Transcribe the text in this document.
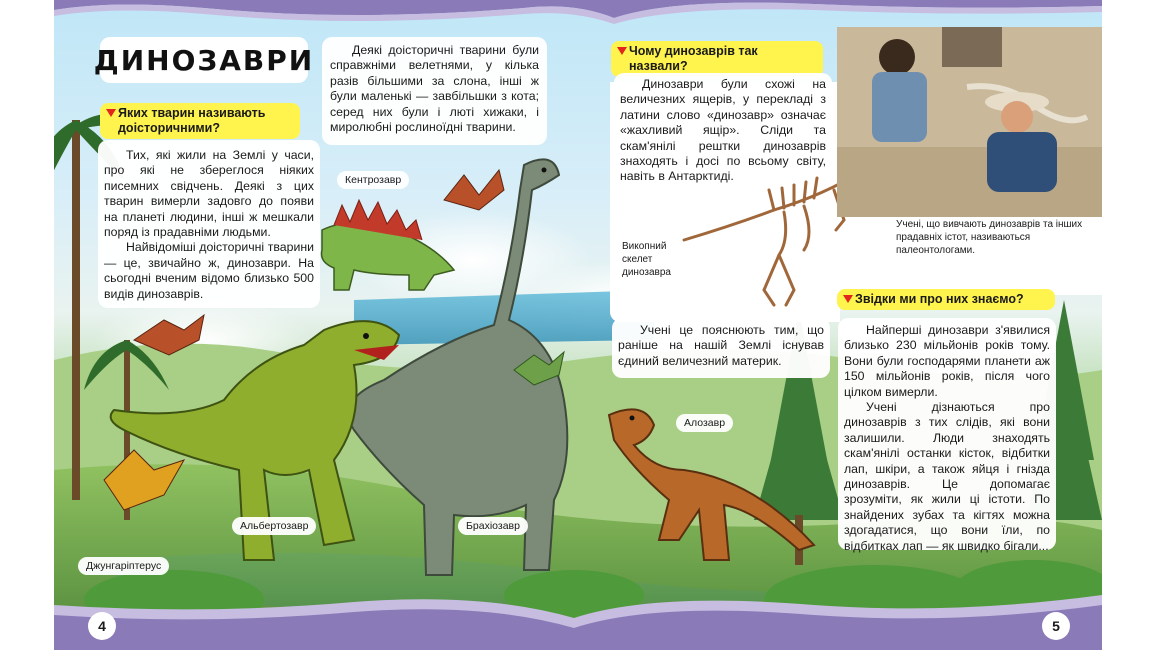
ДИНОЗАВРИ
Яких тварин називають доісторичними?

Тих, які жили на Землі у часи, про які не збереглося ніяких писемних свідчень. Деякі з цих тварин вимерли задовго до появи на планеті людини, інші ж мешкали поряд із прадавніми людьми.

Найвідоміші доісторичні тварини — це, звичайно ж, динозаври. На сьогодні вченим відомо близько 500 видів динозаврів.

Деякі доісторичні тварини були справжніми велетнями, у кілька разів більшими за слона, інші ж були маленькі — завбільшки з кота; серед них були і люті хижаки, і миролюбні рослиноїдні тварини.

Кентрозавр
Альбертозавр	Брахіозавр
Джунгаріптерус
Чому динозаврів так назвали?

Динозаври були схожі на величезних ящерів, у перекладі з латини слово «динозавр» означає «жахливий ящір». Сліди та скам'янілі рештки динозаврів знаходять і досі по всьому світу, навіть в Антарктиді.

Викопний скелет динозавра

Учені це пояснюють тим, що раніше на нашій Землі існував єдиний величезний материк.

Учені, що вивчають динозаврів та інших прадавніх істот, називаються палеонтологами.
Звідки ми про них знаємо?

Найперші динозаври з'явилися близько 230 мільйонів років тому. Вони були господарями планети аж 150 мільйонів років, після чого цілком вимерли.

Учені дізнаються про динозаврів з тих слідів, які вони залишили. Люди знаходять скам'янілі останки кісток, відбитки лап, шкіри, а також яйця і гнізда динозаврів. Це допомагає зрозуміти, як жили ці істоти. По знайдених зубах та кігтях можна здогадатися, що вони їли, по відбитках лап — як швидко бігали...

Алозавр
4	5
